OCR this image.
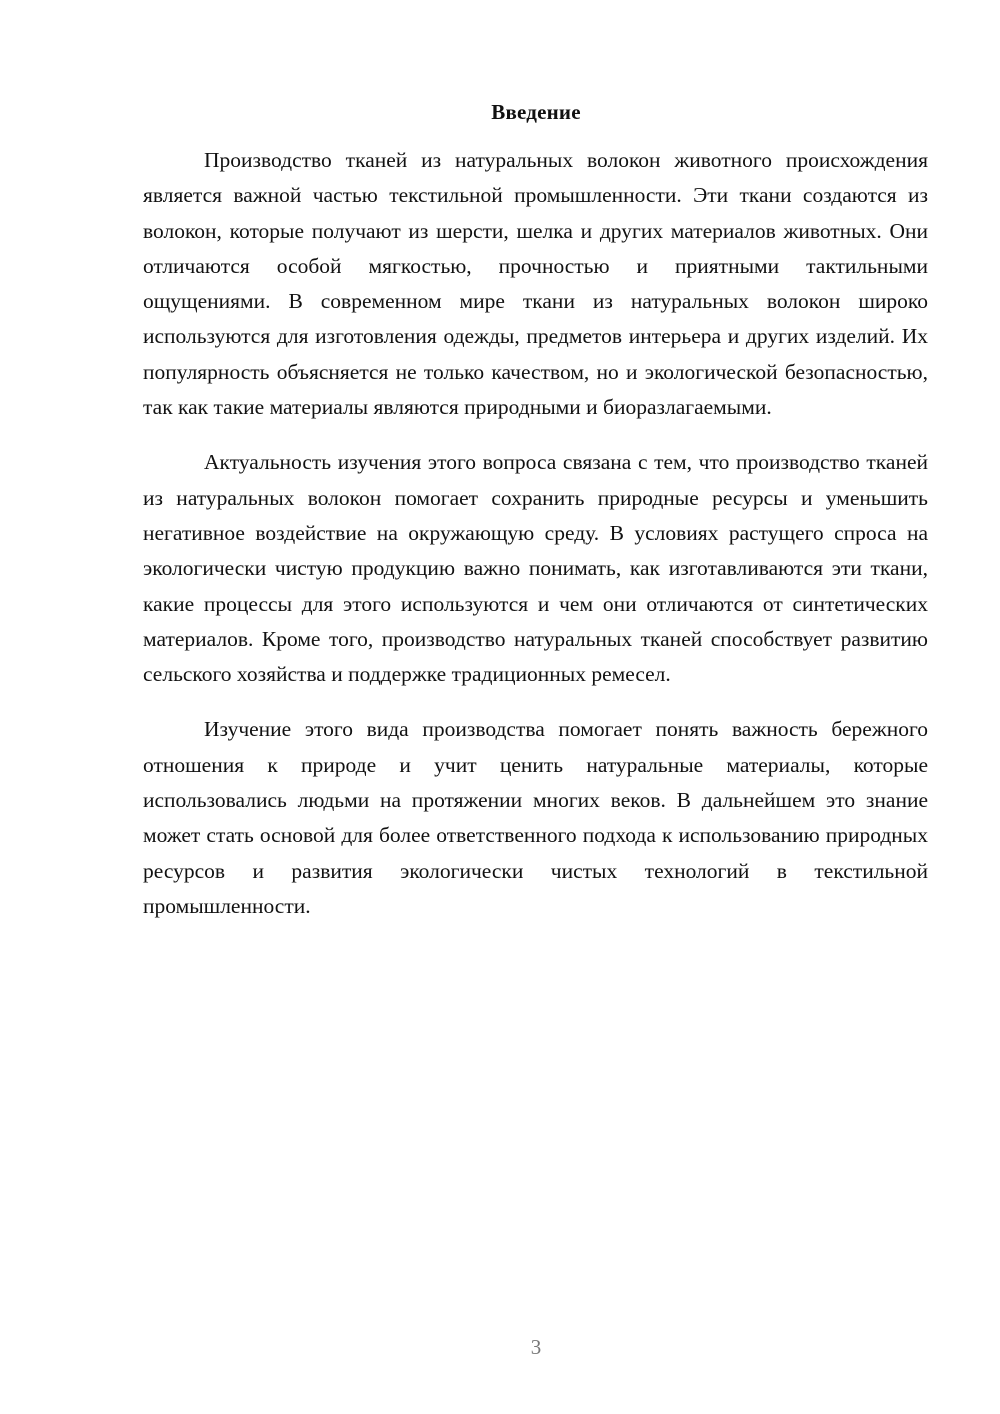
Введение

Производство тканей из натуральных волокон животного происхождения является важной частью текстильной промышленности. Эти ткани создаются из волокон, которые получают из шерсти, шелка и других материалов животных. Они отличаются особой мягкостью, прочностью и приятными тактильными ощущениями. В современном мире ткани из натуральных волокон широко используются для изготовления одежды, предметов интерьера и других изделий. Их популярность объясняется не только качеством, но и экологической безопасностью, так как такие материалы являются природными и биоразлагаемыми.

Актуальность изучения этого вопроса связана с тем, что производство тканей из натуральных волокон помогает сохранить природные ресурсы и уменьшить негативное воздействие на окружающую среду. В условиях растущего спроса на экологически чистую продукцию важно понимать, как изготавливаются эти ткани, какие процессы для этого используются и чем они отличаются от синтетических материалов. Кроме того, производство натуральных тканей способствует развитию сельского хозяйства и поддержке традиционных ремесел.

Изучение этого вида производства помогает понять важность бережного отношения к природе и учит ценить натуральные материалы, которые использовались людьми на протяжении многих веков. В дальнейшем это знание может стать основой для более ответственного подхода к использованию природных ресурсов и развития экологически чистых технологий в текстильной промышленности.

3
